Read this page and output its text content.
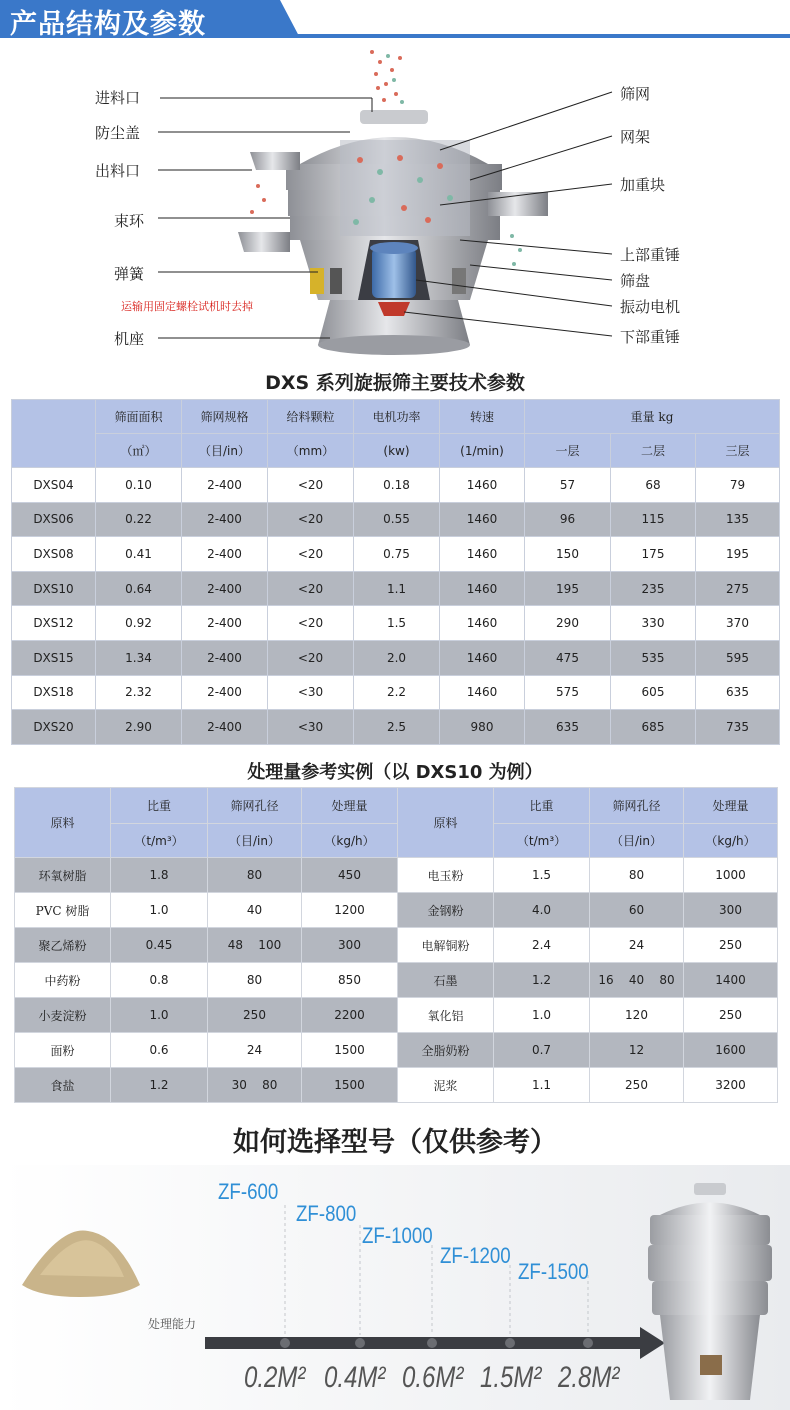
产品结构及参数
进料口
防尘盖
出料口
束环
弹簧
运输用固定螺栓试机时去掉
机座
筛网
网架
加重块
上部重锤
筛盘
振动电机
下部重锤
DXS 系列旋振筛主要技术参数
	筛面面积	筛网规格	给料颗粒	电机功率	转速	重量 kg		
	（㎡）	（目/in）	（mm）	(kw)	(1/min)	一层	二层	三层
DXS04	0.10	2-400	<20	0.18	1460	57	68	79
DXS06	0.22	2-400	<20	0.55	1460	96	115	135
DXS08	0.41	2-400	<20	0.75	1460	150	175	195
DXS10	0.64	2-400	<20	1.1	1460	195	235	275
DXS12	0.92	2-400	<20	1.5	1460	290	330	370
DXS15	1.34	2-400	<20	2.0	1460	475	535	595
DXS18	2.32	2-400	<30	2.2	1460	575	605	635
DXS20	2.90	2-400	<30	2.5	980	635	685	735
处理量参考实例（以 DXS10 为例）
原料	比重	筛网孔径	处理量	原料	比重	筛网孔径	处理量
	（t/m³）	（目/in）	（kg/h）		（t/m³）	（目/in）	（kg/h）
环氧树脂	1.8	80	450	电玉粉	1.5	80	1000
PVC 树脂	1.0	40	1200	金钢粉	4.0	60	300
聚乙烯粉	0.45	48    100	300	电解铜粉	2.4	24	250
中药粉	0.8	80	850	石墨	1.2	16    40    80	1400
小麦淀粉	1.0	250	2200	氧化铝	1.0	120	250
面粉	0.6	24	1500	全脂奶粉	0.7	12	1600
食盐	1.2	30    80	1500	泥浆	1.1	250	3200
如何选择型号（仅供参考）
ZF-600
ZF-800
ZF-1000
ZF-1200
ZF-1500
处理能力
0.2M² 0.4M² 0.6M² 1.5M² 2.8M²
